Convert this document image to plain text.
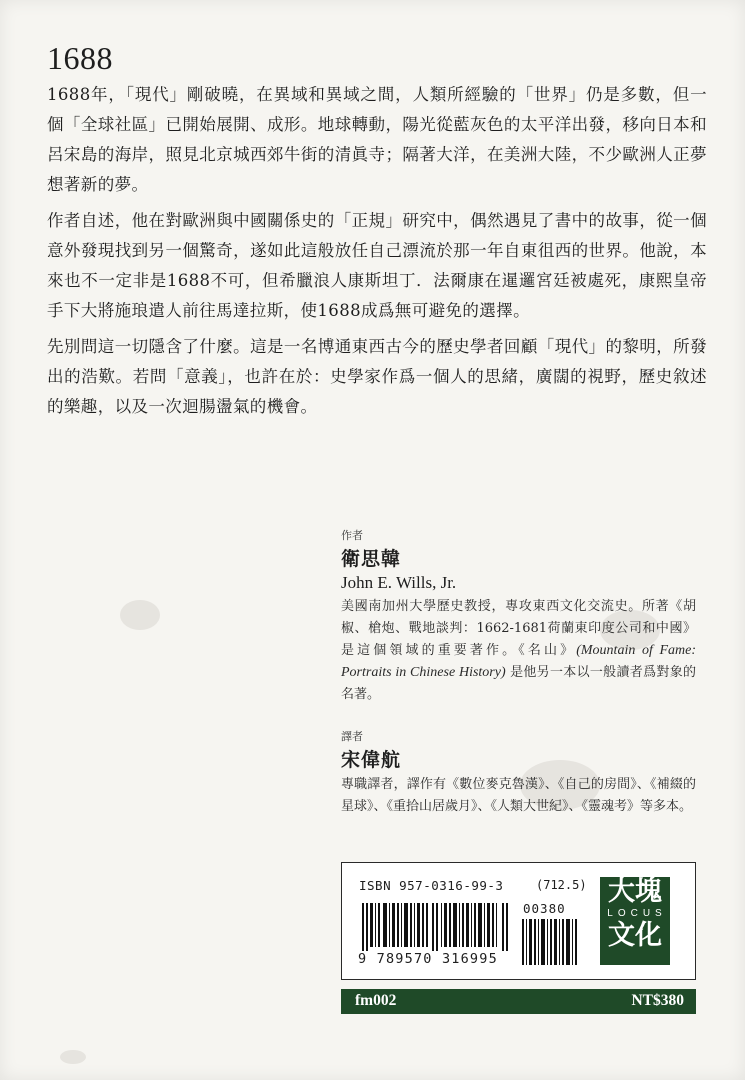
1688

1688年，「現代」剛破曉，在異域和異域之間，人類所經驗的「世界」仍是多數，但一個「全球社區」已開始展開、成形。地球轉動，陽光從藍灰色的太平洋出發，移向日本和呂宋島的海岸，照見北京城西郊牛街的清眞寺；隔著大洋，在美洲大陸，不少歐洲人正夢想著新的夢。

作者自述，他在對歐洲與中國關係史的「正規」研究中，偶然遇見了書中的故事，從一個意外發現找到另一個驚奇，遂如此這般放任自己漂流於那一年自東徂西的世界。他說，本來也不一定非是1688不可，但希臘浪人康斯坦丁．法爾康在暹邏宮廷被處死，康熙皇帝手下大將施琅遣人前往馬達拉斯，使1688成爲無可避免的選擇。

先別問這一切隱含了什麼。這是一名博通東西古今的歷史學者回顧「現代」的黎明，所發出的浩歎。若問「意義」，也許在於：史學家作爲一個人的思緒，廣闊的視野，歷史敘述的樂趣，以及一次迴腸盪氣的機會。

作者

衛思韓

John E. Wills, Jr.

美國南加州大學歷史教授，專攻東西文化交流史。所著《胡椒、槍炮、戰地談判：1662-1681荷蘭東印度公司和中國》是這個領域的重要著作。《名山》(Mountain of Fame: Portraits in Chinese History) 是他另一本以一般讀者爲對象的名著。

譯者

宋偉航

專職譯者，譯作有《數位麥克魯漢》、《自己的房間》、《補綴的星球》、《重拾山居歲月》、《人類大世紀》、《靈魂考》等多本。

ISBN 957-0316-99-3	(712.5)
9 789570 316995
00380
大塊
LOCUS
文化
fm002	NT$380
